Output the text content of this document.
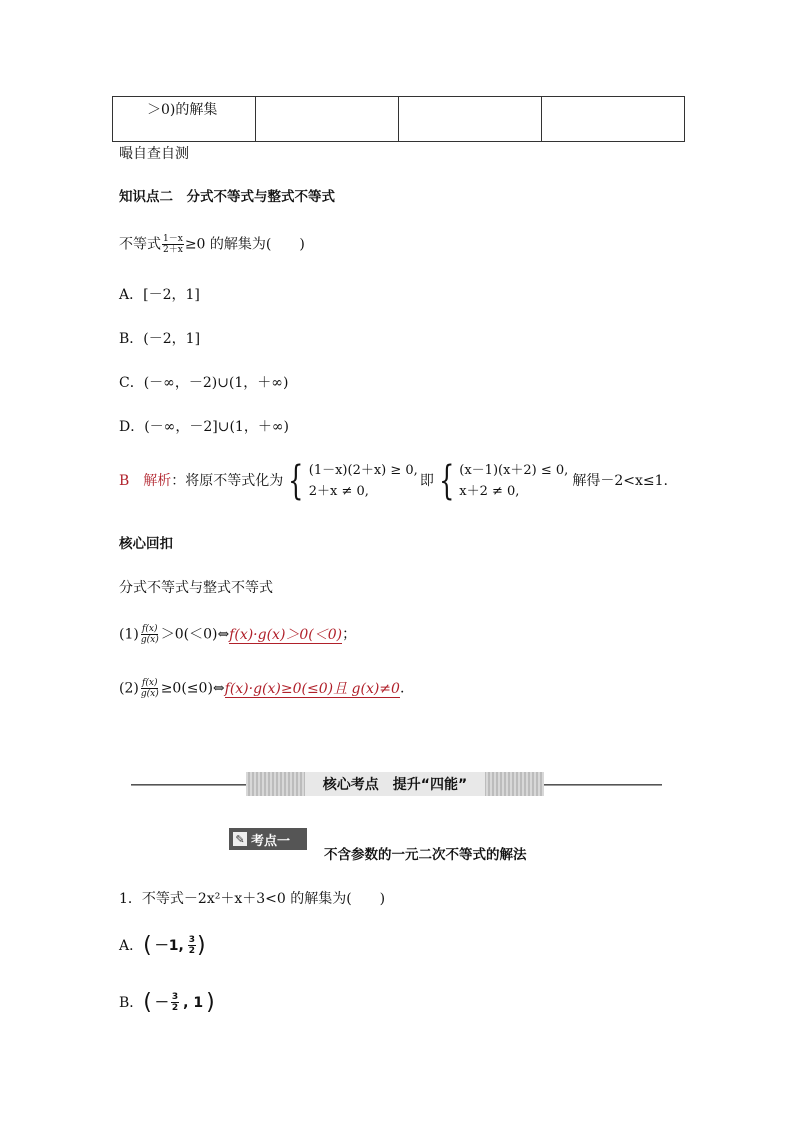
＞0)的解集			
嘬自查自测
知识点二　分式不等式与整式不等式
不等式 $\frac{1-x}{2+x} \ge 0$ 的解集为(　　)
A．[－2，1]
B．(－2，1]
C．(－∞，－2)∪(1，＋∞)
D．(－∞，－2]∪(1，＋∞)
B 解析 ：将原不等式化为 { (1－x)(2＋x) ≥ 0,
2＋x ≠ 0,
即 { (x－1)(x＋2) ≤ 0,
x＋2 ≠ 0,
解得－2<x≤1.
核心回扣
分式不等式与整式不等式
$(1) \frac{f(x)}{g(x)}$ ＞0(＜0)⇔f(x)·g(x)＞0(＜0)；
$(2) \frac{f(x)}{g(x)}$ ≥0(≤0)⇔f(x)·g(x)≥0(≤0)且 g(x)≠0.
核心考点　提升“四能”
✎ 考点一
不含参数的一元二次不等式的解法
1．不等式－2x²＋x＋3<0 的解集为(　　)
A． ( －1, $\frac{3}{2}$ )
B． ( － $\frac{3}{2}$ , 1 )
